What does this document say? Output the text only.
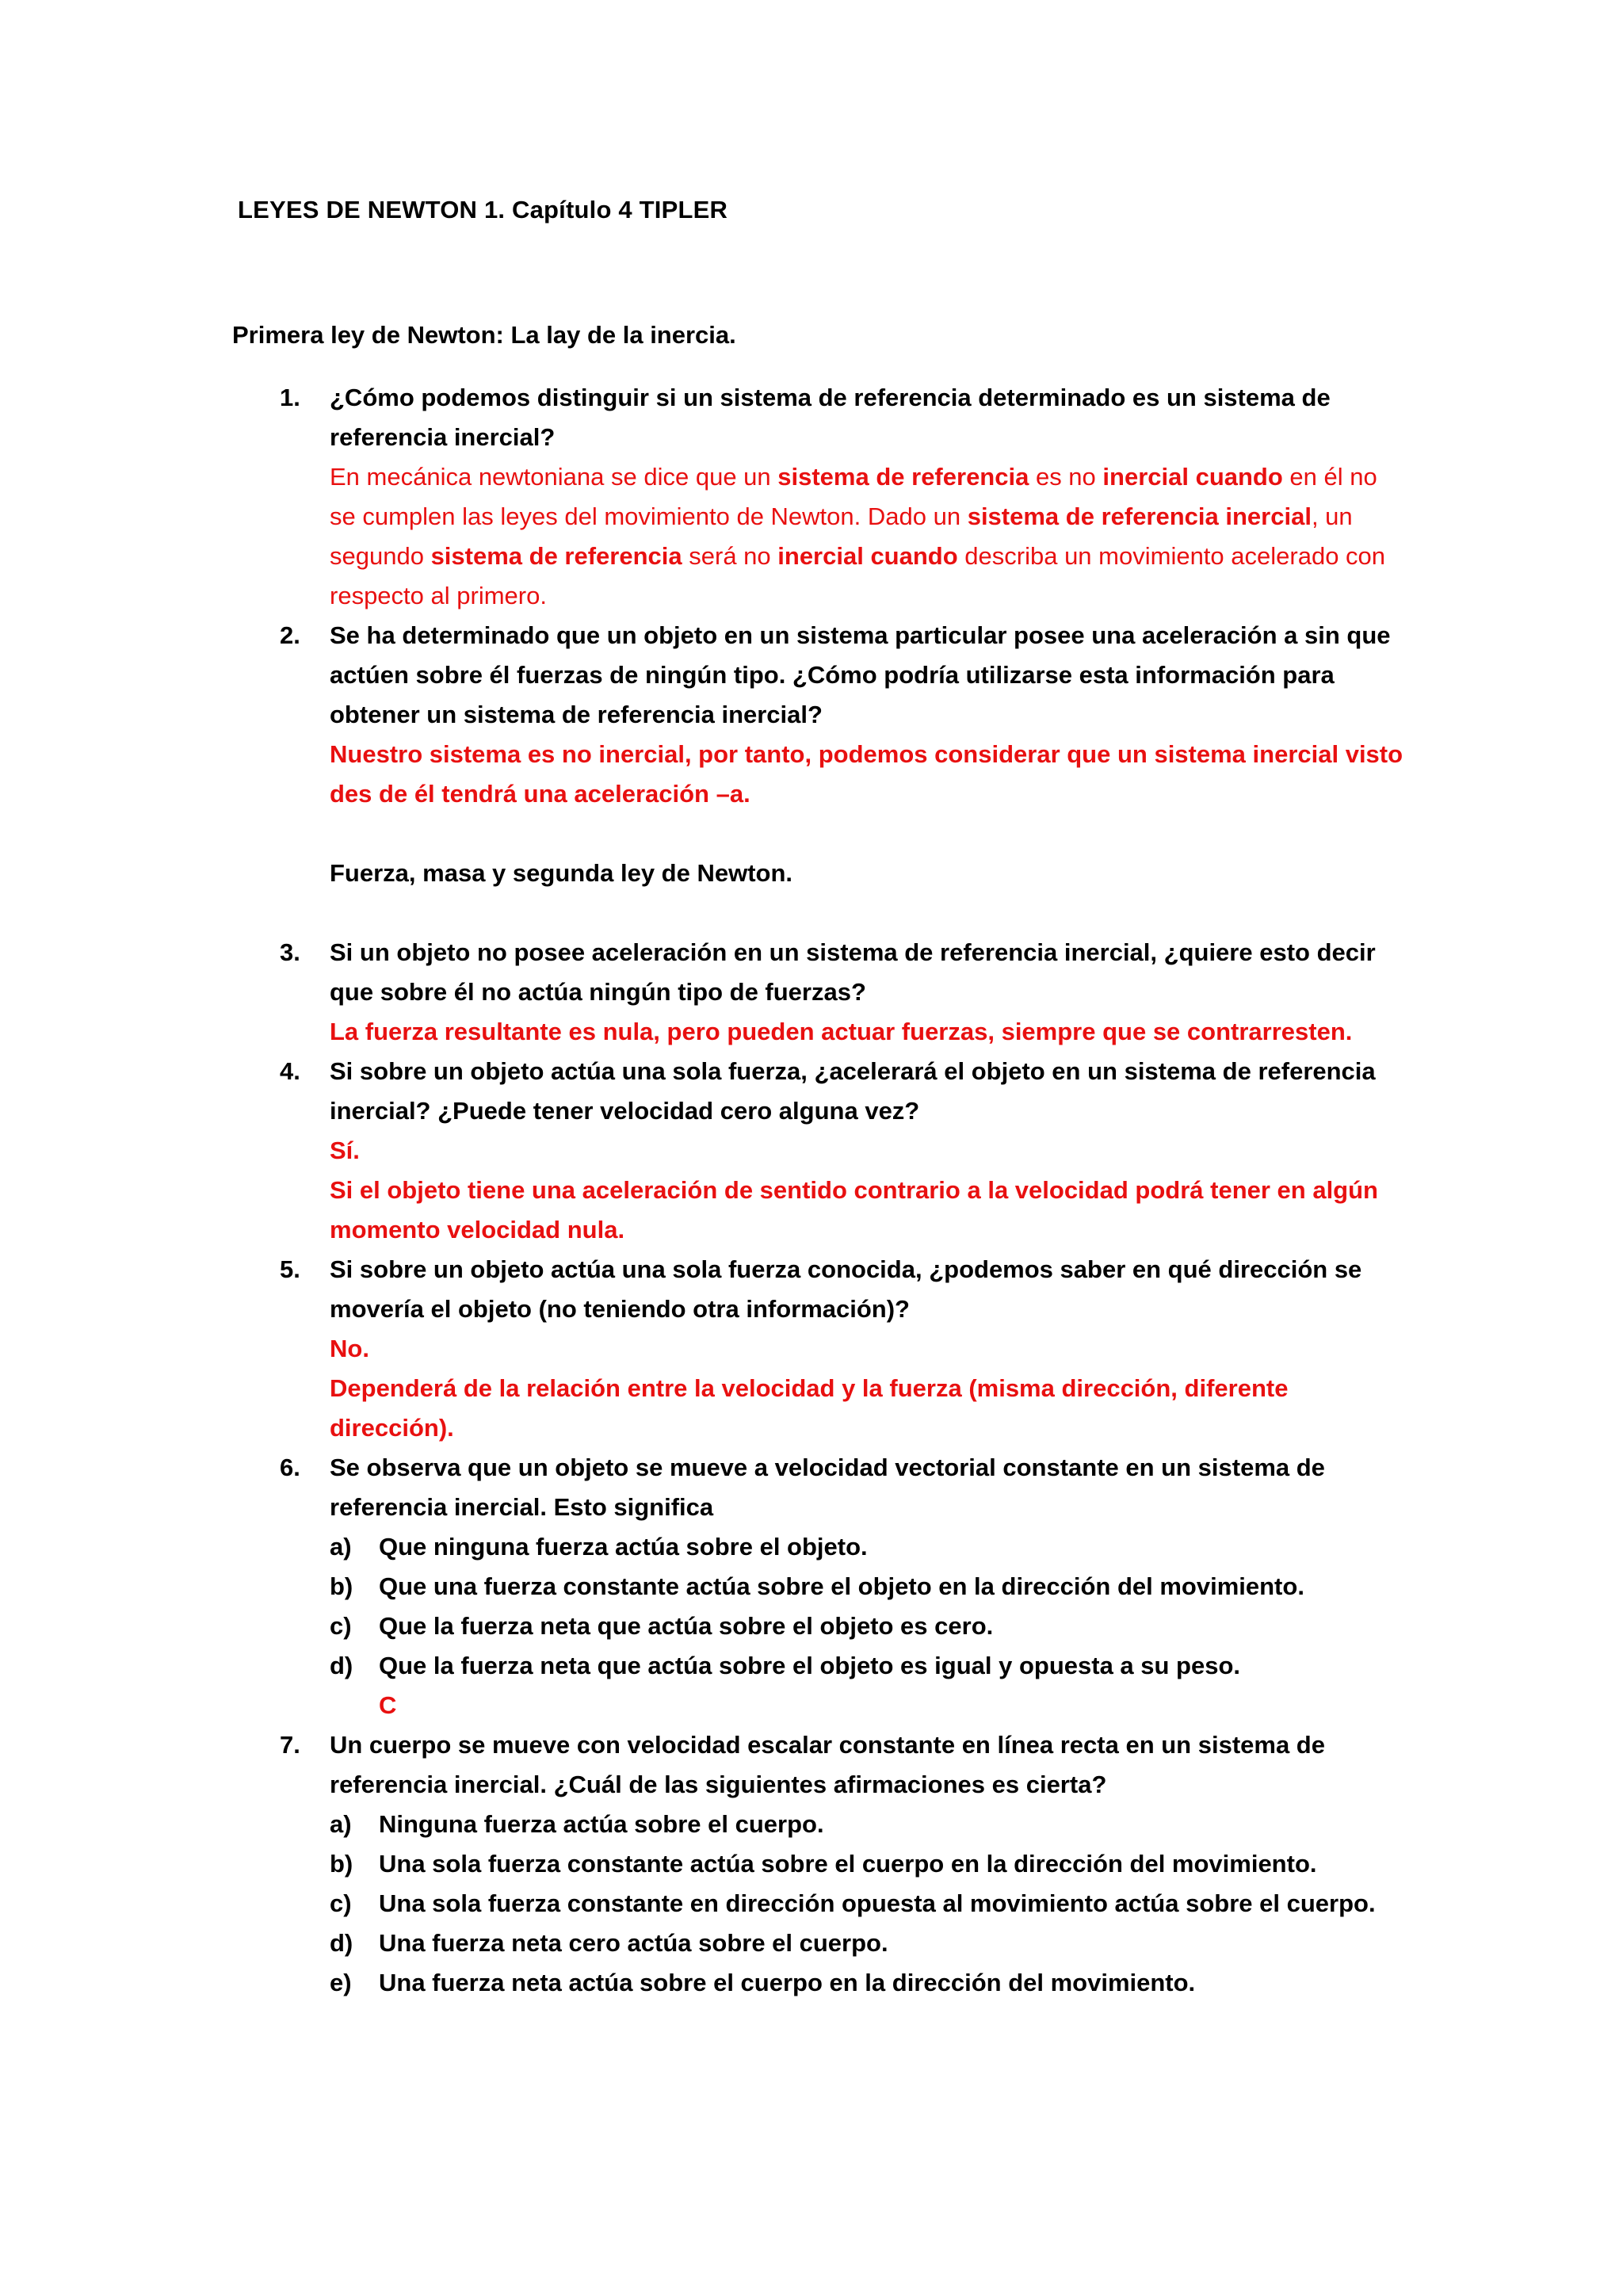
LEYES DE NEWTON 1. Capítulo 4 TIPLER
Primera ley de Newton: La lay de la inercia.
1. ¿Cómo podemos distinguir si un sistema de referencia determinado es un sistema de referencia inercial?
En mecánica newtoniana se dice que un sistema de referencia es no inercial cuando en él no se cumplen las leyes del movimiento de Newton. Dado un sistema de referencia inercial, un segundo sistema de referencia será no inercial cuando describa un movimiento acelerado con respecto al primero.
2. Se ha determinado que un objeto en un sistema particular posee una aceleración a sin que actúen sobre él fuerzas de ningún tipo. ¿Cómo podría utilizarse esta información para obtener un sistema de referencia inercial?
Nuestro sistema es no inercial, por tanto, podemos considerar que un sistema inercial visto des de él tendrá una aceleración –a.
Fuerza, masa y segunda ley de Newton.
3. Si un objeto no posee aceleración en un sistema de referencia inercial, ¿quiere esto decir que sobre él no actúa ningún tipo de fuerzas?
La fuerza resultante es nula, pero pueden actuar fuerzas, siempre que se contrarresten.
4. Si sobre un objeto actúa una sola fuerza, ¿acelerará el objeto en un sistema de referencia inercial? ¿Puede tener velocidad cero alguna vez?
Sí.
Si el objeto tiene una aceleración de sentido contrario a la velocidad podrá tener en algún momento velocidad nula.
5. Si sobre un objeto actúa una sola fuerza conocida, ¿podemos saber en qué dirección se movería el objeto (no teniendo otra información)?
No.
Dependerá de la relación entre la velocidad y la fuerza (misma dirección, diferente dirección).
6. Se observa que un objeto se mueve a velocidad vectorial constante en un sistema de referencia inercial. Esto significa
a) Que ninguna fuerza actúa sobre el objeto.
b) Que una fuerza constante actúa sobre el objeto en la dirección del movimiento.
c) Que la fuerza neta que actúa sobre el objeto es cero.
d) Que la fuerza neta que actúa sobre el objeto es igual y opuesta a su peso.
C
7. Un cuerpo se mueve con velocidad escalar constante en línea recta en un sistema de referencia inercial. ¿Cuál de las siguientes afirmaciones es cierta?
a) Ninguna fuerza actúa sobre el cuerpo.
b) Una sola fuerza constante actúa sobre el cuerpo en la dirección del movimiento.
c) Una sola fuerza constante en dirección opuesta al movimiento actúa sobre el cuerpo.
d) Una fuerza neta cero actúa sobre el cuerpo.
e) Una fuerza neta actúa sobre el cuerpo en la dirección del movimiento.
